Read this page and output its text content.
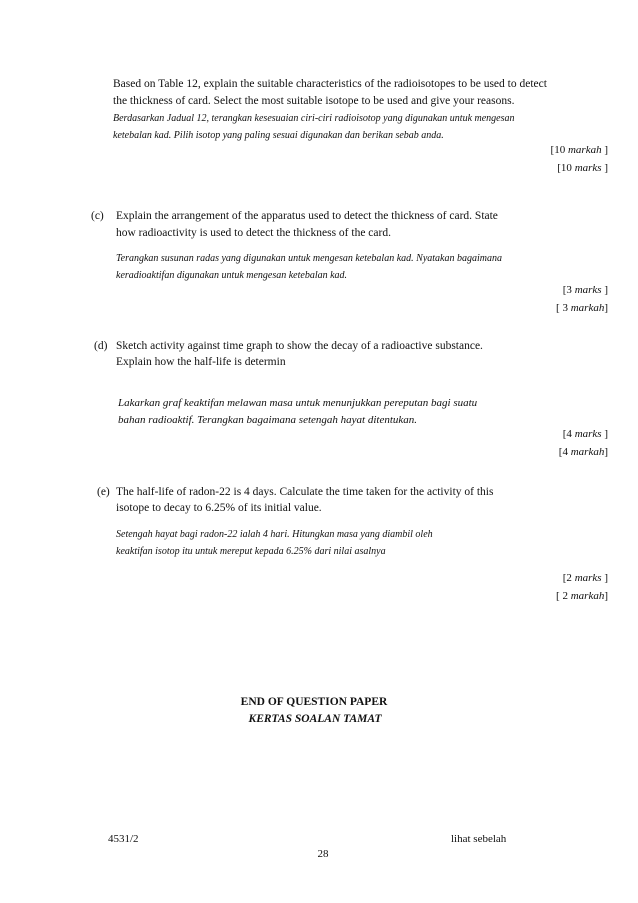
Based on Table 12, explain the suitable characteristics of the radioisotopes to be used to detect
the thickness of card. Select the most suitable isotope to be used and give your reasons.
Berdasarkan Jadual 12, terangkan kesesuaian ciri-ciri radioisotop yang digunakan untuk mengesan
ketebalan kad. Pilih isotop yang paling sesuai digunakan dan berikan sebab anda.
[10 markah ]
[10 marks ]
(c) Explain the arrangement of the apparatus used to detect the thickness of card. State
how radioactivity is used to detect the thickness of the card.
Terangkan susunan radas yang digunakan untuk mengesan ketebalan kad. Nyatakan bagaimana
keradioaktifan digunakan untuk mengesan ketebalan kad.
[3 marks ]
[ 3 markah]
(d) Sketch activity against time graph to show the decay of a radioactive substance.
Explain how the half-life is determin
Lakarkan graf keaktifan melawan masa untuk menunjukkan pereputan bagi suatu
bahan radioaktif. Terangkan bagaimana setengah hayat ditentukan.
[4 marks ]
[4 markah]
(e) The half-life of radon-22 is 4 days. Calculate the time taken for the activity of this
isotope to decay to 6.25% of its initial value.
Setengah hayat bagi radon-22 ialah 4 hari. Hitungkan masa yang diambil oleh
keaktifan isotop itu untuk mereput kepada 6.25% dari nilai asalnya
[2 marks ]
[ 2 markah]
END OF QUESTION PAPER
KERTAS SOALAN TAMAT
4531/2	lihat sebelah
28
